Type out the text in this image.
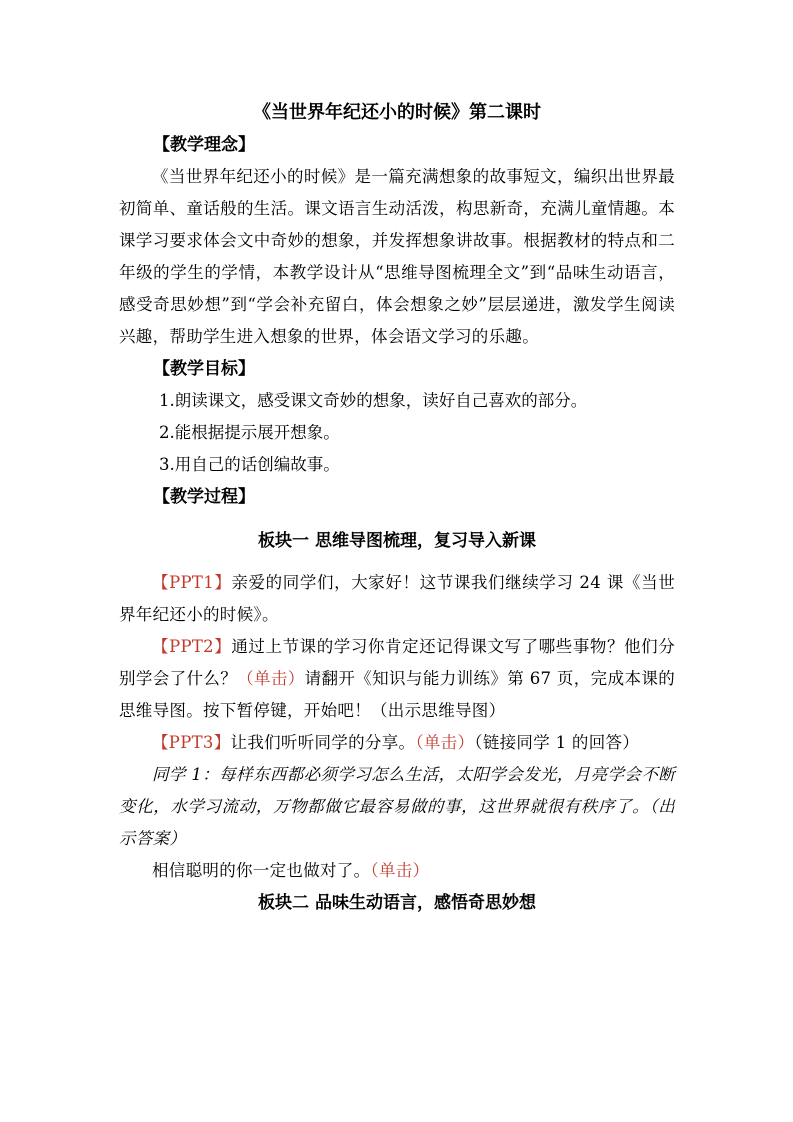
《当世界年纪还小的时候》第二课时

【教学理念】

《当世界年纪还小的时候》是一篇充满想象的故事短文，编织出世界最初简单、童话般的生活。课文语言生动活泼，构思新奇，充满儿童情趣。本课学习要求体会文中奇妙的想象，并发挥想象讲故事。根据教材的特点和二年级的学生的学情，本教学设计从“思维导图梳理全文”到“品味生动语言，感受奇思妙想”到“学会补充留白，体会想象之妙”层层递进，激发学生阅读兴趣，帮助学生进入想象的世界，体会语文学习的乐趣。

【教学目标】

1.朗读课文，感受课文奇妙的想象，读好自己喜欢的部分。

2.能根据提示展开想象。

3.用自己的话创编故事。

【教学过程】

板块一 思维导图梳理，复习导入新课

【PPT1】亲爱的同学们，大家好！这节课我们继续学习 24 课《当世界年纪还小的时候》。

【PPT2】通过上节课的学习你肯定还记得课文写了哪些事物？他们分别学会了什么？（单击）请翻开《知识与能力训练》第 67 页，完成本课的思维导图。按下暂停键，开始吧！（出示思维导图）

【PPT3】让我们听听同学的分享。（单击）（链接同学 1 的回答）

同学 1：每样东西都必须学习怎么生活，太阳学会发光，月亮学会不断变化，水学习流动，万物都做它最容易做的事，这世界就很有秩序了。（出示答案）

相信聪明的你一定也做对了。（单击）

板块二 品味生动语言，感悟奇思妙想
